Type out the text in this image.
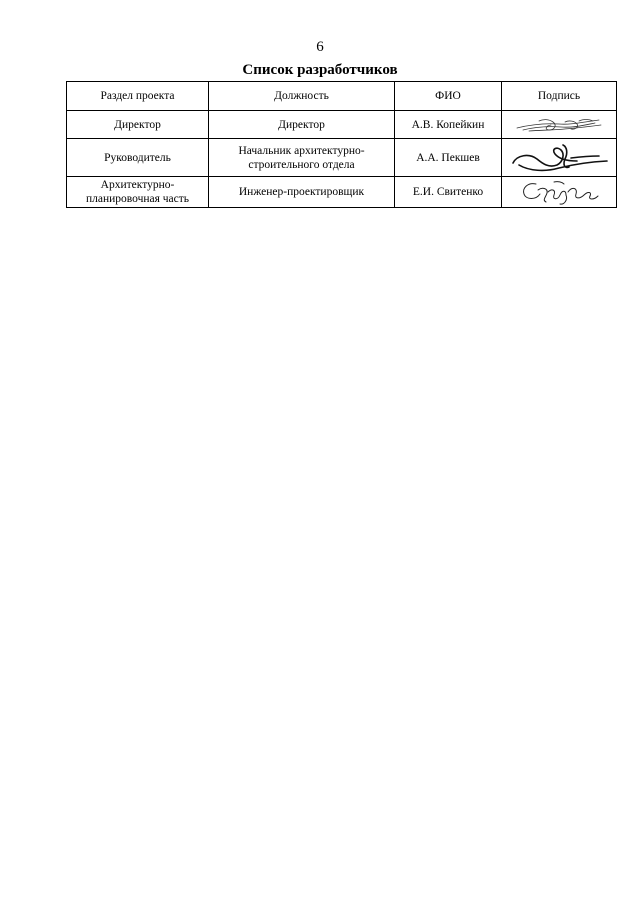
6
Список разработчиков
Раздел проекта	Должность	ФИО	Подпись
Директор	Директор	А.В. Копейкин	

Руководитель	Начальник архитектурно-строительного отдела	А.А. Пекшев	

Архитектурно-планировочная часть	Инженер-проектировщик	Е.И. Свитенко	
